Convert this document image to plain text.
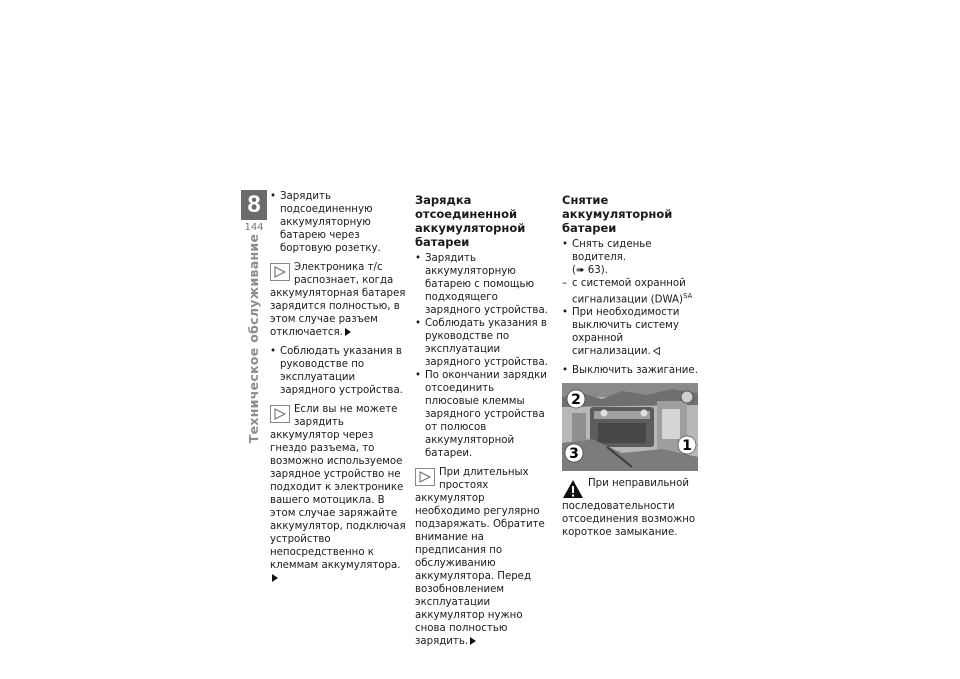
8
144
Техническое обслуживание
• Зарядить подсоединенную аккумуляторную батарею через бортовую розетку.
Электроника т/с распознает, когда аккумуляторная батарея зарядится полностью, в этом случае разъем отключается.
• Соблюдать указания в руководстве по эксплуатации зарядного устройства.
Если вы не можете зарядить аккумулятор через гнездо разъема, то возможно используемое зарядное устройство не подходит к электронике вашего мотоцикла. В этом случае заряжайте аккумулятор, подключая устройство непосредственно к клеммам аккумулятора.
Зарядка отсоединенной аккумуляторной батареи
• Зарядить аккумуляторную батарею с помощью подходящего зарядного устройства.
• Соблюдать указания в руководстве по эксплуатации зарядного устройства.
• По окончании зарядки отсоединить плюсовые клеммы зарядного устройства от полюсов аккумуляторной батареи.
При длительных простоях аккумулятор необходимо регулярно подзаряжать. Обратите внимание на предписания по обслуживанию аккумулятора. Перед возобновлением эксплуатации аккумулятор нужно снова полностью зарядить.
Снятие аккумуляторной батареи
• Снять сиденье водителя.
(➠ 63).
– с системой охранной сигнализации (DWA)$^{SA}$
• При необходимости выключить систему охранной сигнализации.
• Выключить зажигание.
2
1
3
При неправильной последовательности отсоединения возможно короткое замыкание.
